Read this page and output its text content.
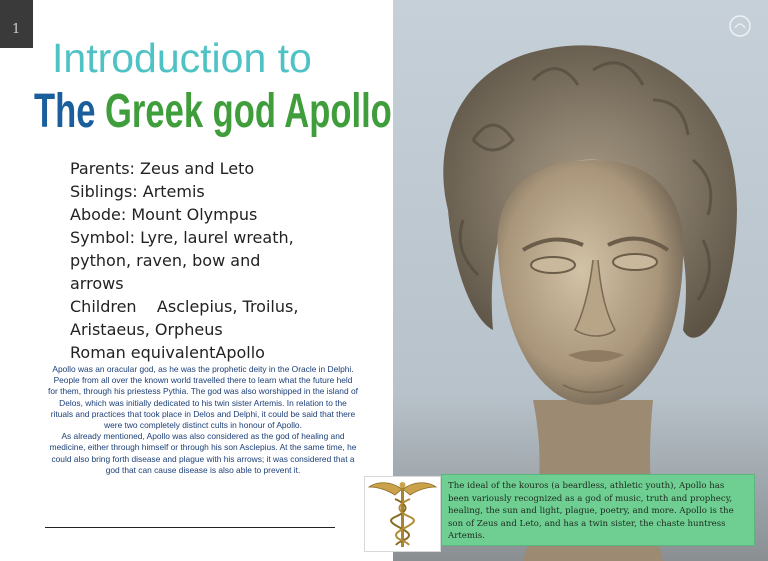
1
Introduction to
The Greek god Apollo
Parents: Zeus and Leto
Siblings: Artemis
Abode: Mount Olympus
Symbol: Lyre, laurel wreath,
python, raven, bow and
arrows
Children    Asclepius, Troilus,
Aristaeus, Orpheus
Roman equivalentApollo
Apollo was an oracular god, as he was the prophetic deity in the Oracle in Delphi. People from all over the known world travelled there to learn what the future held for them, through his priestess Pythia. The god was also worshipped in the island of Delos, which was initially dedicated to his twin sister Artemis. In relation to the rituals and practices that took place in Delos and Delphi, it could be said that there were two completely distinct cults in honour of Apollo.
As already mentioned, Apollo was also considered as the god of healing and medicine, either through himself or through his son Asclepius. At the same time, he could also bring forth disease and plague with his arrows; it was considered that a god that can cause disease is also able to prevent it.

The ideal of the kouros (a beardless, athletic youth), Apollo has been variously recognized as a god of music, truth and prophecy, healing, the sun and light, plague, poetry, and more. Apollo is the son of Zeus and Leto, and has a twin sister, the chaste huntress Artemis.
